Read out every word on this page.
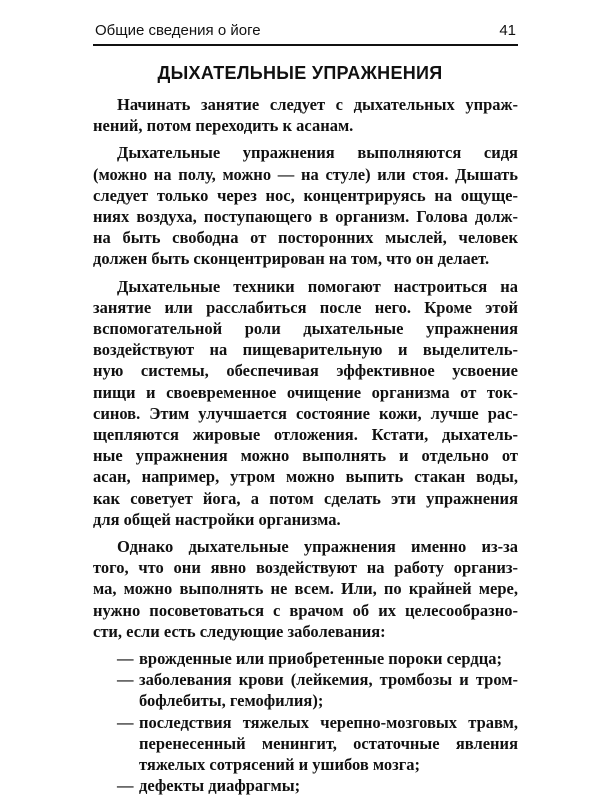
Общие сведения о йоге	41
ДЫХАТЕЛЬНЫЕ УПРАЖНЕНИЯ
Начинать занятие следует с дыхательных упраж-
нений, потом переходить к асанам.
Дыхательные упражнения выполняются сидя
(можно на полу, можно — на стуле) или стоя. Дышать
следует только через нос, концентрируясь на ощуще-
ниях воздуха, поступающего в организм. Голова долж-
на быть свободна от посторонних мыслей, человек
должен быть сконцентрирован на том, что он делает.
Дыхательные техники помогают настроиться на
занятие или расслабиться после него. Кроме этой
вспомогательной роли дыхательные упражнения
воздействуют на пищеварительную и выделитель-
ную системы, обеспечивая эффективное усвоение
пищи и своевременное очищение организма от ток-
синов. Этим улучшается состояние кожи, лучше рас-
щепляются жировые отложения. Кстати, дыхатель-
ные упражнения можно выполнять и отдельно от
асан, например, утром можно выпить стакан воды,
как советует йога, а потом сделать эти упражнения
для общей настройки организма.
Однако дыхательные упражнения именно из-за
того, что они явно воздействуют на работу организ-
ма, можно выполнять не всем. Или, по крайней мере,
нужно посоветоваться с врачом об их целесообразно-
сти, если есть следующие заболевания:
— врожденные или приобретенные пороки сердца;
— заболевания крови (лейкемия, тромбозы и тром-
бофлебиты, гемофилия);
— последствия тяжелых черепно-мозговых травм,
перенесенный менингит, остаточные явления
тяжелых сотрясений и ушибов мозга;
— дефекты диафрагмы;
